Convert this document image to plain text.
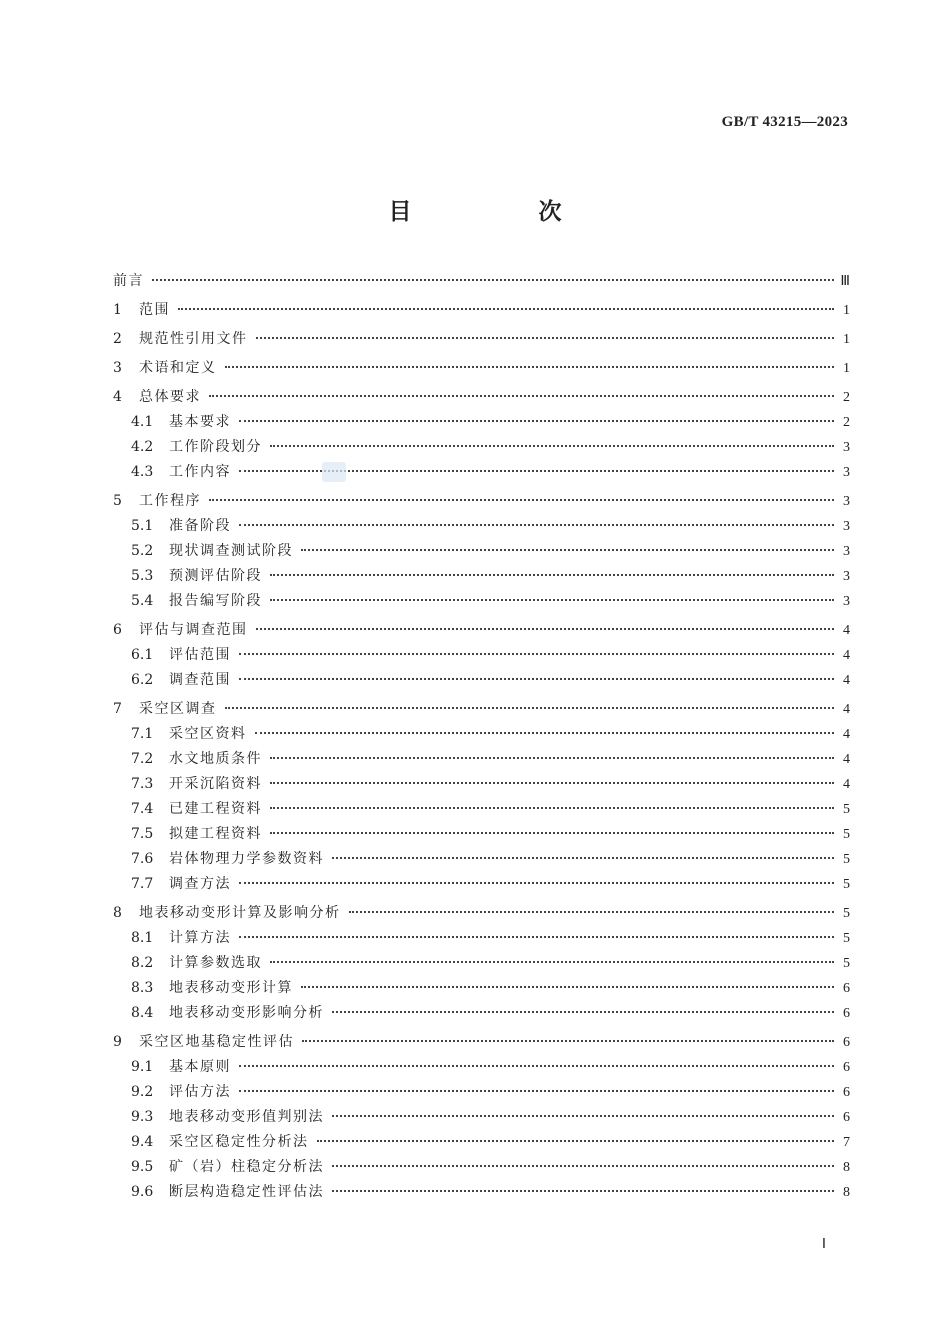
GB/T 43215—2023
目　次
前言	Ⅲ
1	范围	1
2	规范性引用文件	1
3	术语和定义	1
4	总体要求	2
4.1	基本要求	2
4.2	工作阶段划分	3
4.3	工作内容	3
5	工作程序	3
5.1	准备阶段	3
5.2	现状调查测试阶段	3
5.3	预测评估阶段	3
5.4	报告编写阶段	3
6	评估与调查范围	4
6.1	评估范围	4
6.2	调查范围	4
7	采空区调查	4
7.1	采空区资料	4
7.2	水文地质条件	4
7.3	开采沉陷资料	4
7.4	已建工程资料	5
7.5	拟建工程资料	5
7.6	岩体物理力学参数资料	5
7.7	调查方法	5
8	地表移动变形计算及影响分析	5
8.1	计算方法	5
8.2	计算参数选取	5
8.3	地表移动变形计算	6
8.4	地表移动变形影响分析	6
9	采空区地基稳定性评估	6
9.1	基本原则	6
9.2	评估方法	6
9.3	地表移动变形值判别法	6
9.4	采空区稳定性分析法	7
9.5	矿（岩）柱稳定分析法	8
9.6	断层构造稳定性评估法	8
Ⅰ
